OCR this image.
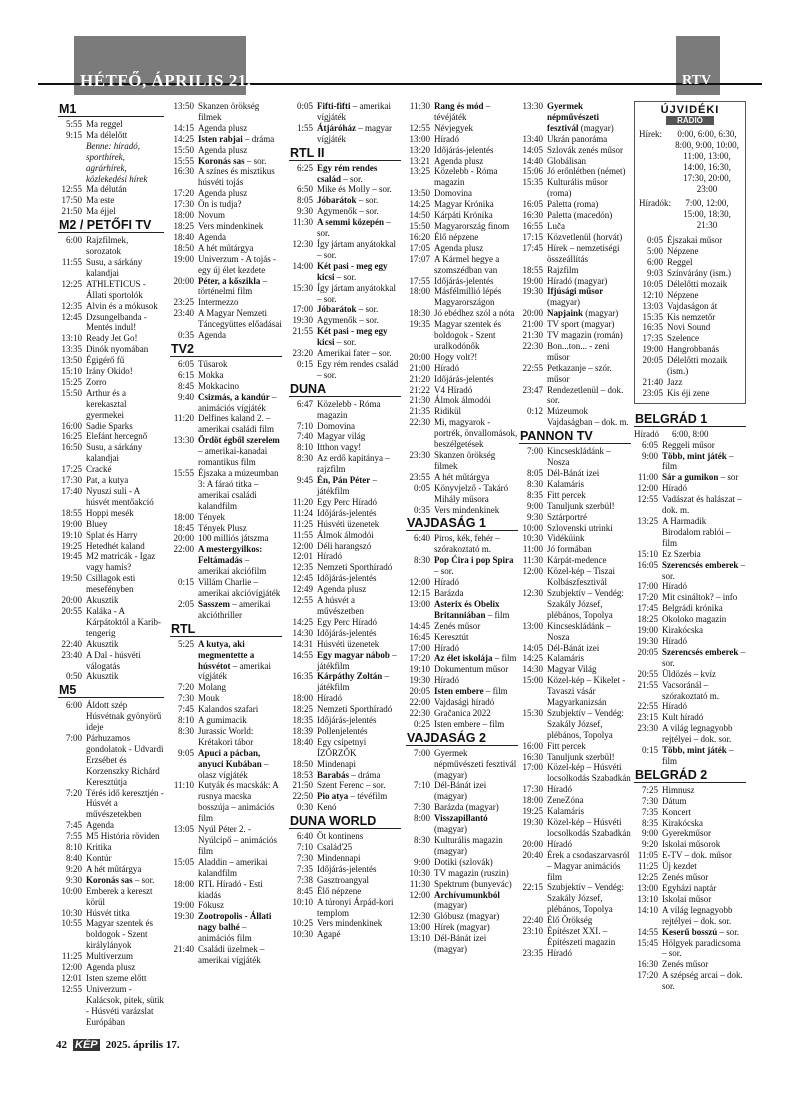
HÉTFŐ, ÁPRILIS 21.	RTV
M1
5:55 Ma reggel
9:15 Ma délelőtt
Benne: híradó, sporthírek, agrárhírek, közlekedési hírek
12:55 Ma délután
17:50 Ma este
21:50 Ma éjjel
M2 / PETŐFI TV
6:00 Rajzfilmek, sorozatok
11:55 Susu, a sárkány kalandjai
12:25 ATHLETICUS - Állati sportolók
12:35 Alvin és a mókusok
12:45 Dzsungelbanda - Mentés indul!
13:10 Ready Jet Go!
13:35 Dinók nyomában
13:50 Égigérő fű
15:10 Irány Okido!
15:25 Zorro
15:50 Arthur és a kerekasztal gyermekei
16:00 Sadie Sparks
16:25 Elefánt hercegnő
16:50 Susu, a sárkány kalandjai
17:25 Cracké
17:30 Pat, a kutya
17:40 Nyuszi suli - A húsvét mentőakció
18:55 Hoppi mesék
19:00 Bluey
19:10 Splat és Harry
19:25 Hetedhét kaland
19:45 M2 matricák - Igaz vagy hamis?
19:50 Csillagok esti mesefényben
20:00 Akusztik
20:55 Kaláka - A Kárpátoktól a Karib-tengerig
22:40 Akusztik
23:40 A Dal - húsvéti válogatás
0:50 Akusztik
M5
6:00 Áldott szép Húsvétnak gyönyörű ideje
7:00 Párhuzamos gondolatok - Udvardi Erzsébet és Korzenszky Richárd Keresztútja
7:20 Térés idő keresztjén - Húsvét a művészetekben
7:45 Agenda
7:55 M5 História röviden
8:10 Kritika
8:40 Kontúr
9:20 A hét műtárgya
9:30 Koronás sas – sor.
10:00 Emberek a kereszt körül
10:30 Húsvét titka
10:55 Magyar szentek és boldogok - Szent királylányok
11:25 Multiverzum
12:00 Agenda plusz
12:01 Isten szeme előtt
12:55 Univerzum - Kalácsok, pitek, sütik - Húsvéti varázslat Európában
13:50 Skanzen örökség filmek
14:15 Agenda plusz
14:25 Isten rabjai – dráma
15:50 Agenda plusz
15:55 Koronás sas – sor.
16:30 A színes és misztikus húsvéti tojás
17:20 Agenda plusz
17:30 Ön is tudja?
18:00 Novum
18:25 Vers mindenkinek
18:40 Agenda
18:50 A hét műtárgya
19:00 Univerzum - A tojás - egy új élet kezdete
20:00 Péter, a kőszikla – történelmi film
23:25 Intermezzo
23:40 A Magyar Nemzeti Táncegyüttes előadásai
0:35 Agenda
TV2
6:05 Tűsarok
6:15 Mokka
8:45 Mokkacino
9:40 Csizmás, a kandúr – animációs vígjáték
11:20 Delfines kaland 2. – amerikai családi film
13:30 Ördöt égből szerelem – amerikai-kanadai romantikus film
15:55 Éjszaka a múzeumban 3: A fáraó titka – amerikai családi kalandfilm
18:00 Tények
18:45 Tények Plusz
20:00 100 milliós játszma
22:00 A mestergyilkos: Feltámadás – amerikai akciófilm
0:15 Villám Charlie – amerikai akcióvígjáték
2:05 Sasszem – amerikai akcióthriller
RTL
5:25 A kutya, aki megmentette a húsvétot – amerikai vígjáték
7:20 Molang
7:30 Mouk
7:45 Kalandos szafari
8:10 A gumimacik
8:30 Jurassic World: Krétakori tábor
9:05 Apuci a pácban, anyuci Kubában – olasz vígjáték
11:10 Kutyák és macskák: A rusnya macska bosszúja – animációs film
13:05 Nyúl Péter 2. - Nyúlcipő – animációs film
15:05 Aladdin – amerikai kalandfilm
18:00 RTL Híradó - Esti kiadás
19:00 Fókusz
19:30 Zootropolis - Állati nagy balhé – animációs film
21:40 Családi üzelmek – amerikai vígjáték
0:05 Fifti-fifti – amerikai vígjáték
1:55 Átjáróház – magyar vígjáték
RTL II
6:25 Egy rém rendes család – sor.
6:50 Mike és Molly – sor.
8:05 Jóbarátok – sor.
9:30 Agymenők – sor.
11:30 A semmi közepén – sor.
12:30 Így jártam anyátokkal – sor.
14:00 Két pasi - meg egy kicsi – sor.
15:30 Így jártam anyátokkal – sor.
17:00 Jóbarátok – sor.
19:30 Agymenők – sor.
21:55 Két pasi - meg egy kicsi – sor.
23:20 Amerikai fater – sor.
0:15 Egy rém rendes család – sor.
DUNA
6:47 Közelebb - Róma magazin
7:10 Domovina
7:40 Magyar világ
8:10 Itthon vagy!
8:30 Az erdő kapitánya – rajzfilm
9:45 Én, Pán Péter – játékfilm
11:20 Egy Perc Híradó
11:24 Időjárás-jelentés
11:25 Húsvéti üzenetek
11:55 Álmok álmodói
12:00 Déli harangszó
12:01 Híradó
12:35 Nemzeti Sporthíradó
12:45 Időjárás-jelentés
12:49 Agenda plusz
12:55 A húsvét a művészetben
14:25 Egy Perc Híradó
14:30 Időjárás-jelentés
14:31 Húsvéti üzenetek
14:55 Egy magyar nábob – játékfilm
16:35 Kárpáthy Zoltán – játékfilm
18:00 Híradó
18:25 Nemzeti Sporthíradó
18:35 Időjárás-jelentés
18:39 Pollenjelentés
18:40 Egy csipetnyi ÍZŐRZŐK
18:50 Mindenapi
18:53 Barabás – dráma
21:50 Szent Ferenc – sor.
22:50 Pio atya – tévéfilm
0:30 Kenó
DUNA WORLD
6:40 Öt kontinens
7:10 Család'25
7:30 Mindennapi
7:35 Időjárás-jelentés
7:38 Gasztroangyal
8:45 Élő népzene
10:10 A túronyi Árpád-kori templom
10:25 Vers mindenkinek
10:30 Agapé
11:30 Rang és mód – tévéjáték
12:55 Névjegyek
13:00 Híradó
13:20 Időjárás-jelentés
13:21 Agenda plusz
13:25 Közelebb - Róma magazin
13:50 Domovina
14:25 Magyar Krónika
14:50 Kárpáti Krónika
15:50 Magyarország finom
16:20 Élő népzene
17:05 Agenda plusz
17:07 A Kármel hegye a szomszédban van
17:55 Időjárás-jelentés
18:00 Másfélmillió lépés Magyarországon
18:30 Jó ebédhez szól a nóta
19:35 Magyar szentek és boldogok - Szent uralkodónők
20:00 Hogy volt?!
21:00 Híradó
21:20 Időjárás-jelentés
21:22 V4 Híradó
21:30 Álmok álmodói
21:35 Ridikül
22:30 Mi, magyarok - portrék, önvallomások, beszélgetések
23:30 Skanzen örökség filmek
23:55 A hét műtárgya
0:05 Könyvjelző - Takáró Mihály műsora
0:35 Vers mindenkinek
VAJDASÁG 1
6:40 Piros, kék, fehér – szórakoztató m.
8:30 Pop Ćira i pop Spira – sor.
12:00 Híradó
12:15 Barázda
13:00 Asterix és Obelix Britanniában – film
14:45 Zenés műsor
16:45 Keresztút
17:00 Híradó
17:20 Az élet iskolája – film
19:10 Dokumentum műsor
19:30 Híradó
20:05 Isten embere – film
22:00 Vajdasági híradó
22:30 Gračanica 2022
0:25 Isten embere – film
VAJDASÁG 2
7:00 Gyermek népművészeti fesztivál (magyar)
7:10 Dél-Bánát izei (magyar)
7:30 Barázda (magyar)
8:00 Visszapillantó (magyar)
8:30 Kulturális magazin (magyar)
9:00 Dotiki (szlovák)
10:30 TV magazin (ruszin)
11:30 Spektrum (bunyevác)
12:00 Archívumunkból (magyar)
12:30 Glóbusz (magyar)
13:00 Hírek (magyar)
13:10 Dél-Bánát izei (magyar)
13:30 Gyermek népművészeti fesztivál (magyar)
13:40 Ukrán panoráma
14:05 Szlovák zenés műsor
14:40 Globálisan
15:06 Jó erőnlétben (német)
15:35 Kulturális műsor (roma)
16:05 Paletta (roma)
16:30 Paletta (macedón)
16:55 Luča
17:15 Közvetlenül (horvát)
17:45 Hírek – nemzetiségi összeállítás
18:55 Rajzfilm
19:00 Híradó (magyar)
19:30 Ifjúsági műsor (magyar)
20:00 Napjaink (magyar)
21:00 TV sport (magyar)
21:30 TV magazin (román)
22:30 Bon...ton... - zeni műsor
22:55 Petkazanje – szór. műsor
23:47 Rendezetlenül – dok. sor.
0:12 Múzeumok Vajdaságban – dok. m.
PANNON TV
7:00 Kincseskládánk – Nosza
8:05 Dél-Bánát izei
8:30 Kalamáris
8:35 Fitt percek
9:00 Tanuljunk szerbül!
9:30 Sztárportré
10:00 Szlovenski utrinki
10:30 Vidéküink
11:00 Jó formában
11:30 Kárpát-medence
12:00 Közel-kép – Tiszai Kolbászfesztivál
12:30 Szubjektív – Vendég: Szakály József, plébános, Topolya
13:00 Kincseskládánk – Nosza
14:05 Dél-Bánát izei
14:25 Kalamáris
14:30 Magyar Világ
15:00 Közel-kép – Kikelet - Tavaszi vásár Magyarkanizsán
15:30 Szubjektív – Vendég: Szakály József, plébános, Topolya
16:00 Fitt percek
16:30 Tanuljunk szerbül!
17:00 Közel-kép – Húsvéti locsolkodás Szabadkán
17:30 Híradó
18:00 ZeneZóna
19:25 Kalamáris
19:30 Közel-kép – Húsvéti locsolkodás Szabadkán
20:00 Híradó
20:40 Érek a csodaszarvasról – Magyar animációs film
22:15 Szubjektív – Vendég: Szakály József, plébános, Topolya
22:40 Élő Örökség
23:10 Építészet XXI. – Építészeti magazin
23:35 Híradó
ÚJVIDÉKI
RÁDIÓ
Hírek:	0:00, 6:00, 6:30, 8:00, 9:00, 10:00, 11:00, 13:00, 14:00, 16:30, 17:30, 20:00, 23:00
Híradók:	7:00, 12:00, 15:00, 18:30, 21:30
0:05 Éjszakai műsor
5:00 Népzene
6:00 Reggel
9:03 Színvárány (ism.)
10:05 Délelőtti mozaik
12:10 Népzene
13:03 Vajdaságon át
15:35 Kis nemzetőr
16:35 Novi Sound
17:35 Szelence
19:00 Hangrobbanás
20:05 Délelőtti mozaik (ism.)
21:40 Jazz
23:05 Kis éji zene
BELGRÁD 1
Híradó	6:00, 8:00
6:05 Reggeli műsor
9:00 Több, mint játék – film
11:00 Sár a gumikon – sor
12:00 Híradó
12:55 Vadászat és halászat – dok. m.
13:25 A Harmadik Birodalom rablói – film
15:10 Ez Szerbia
16:05 Szerencsés emberek – sor.
17:00 Híradó
17:20 Mit csináltok? – info
17:45 Belgrádi krónika
18:25 Okoloko magazin
19:00 Kirakócska
19:30 Híradó
20:05 Szerencsés emberek – sor.
20:55 Üldözés – kvíz
21:55 Vacsoránál – szórakoztató m.
22:55 Híradó
23:15 Kult híradó
23:30 A világ legnagyobb rejtélyei – dok. sor.
0:15 Több, mint játék – film
BELGRÁD 2
7:25 Himnusz
7:30 Dátum
7:35 Koncert
8:35 Kirakócska
9:00 Gyerekműsor
9:20 Iskolai műsorok
11:05 E-TV – dok. műsor
11:25 Új kezdet
12:25 Zenés műsor
13:00 Egyházi naptár
13:10 Iskolai műsor
14:10 A világ legnagyobb rejtélyei – dok. sor.
14:55 Keserű bosszú – sor.
15:45 Hölgyek paradicsoma – sor.
16:30 Zenés műsor
17:20 A szépség arcai – dok. sor.
42 KÉP 2025. április 17.
